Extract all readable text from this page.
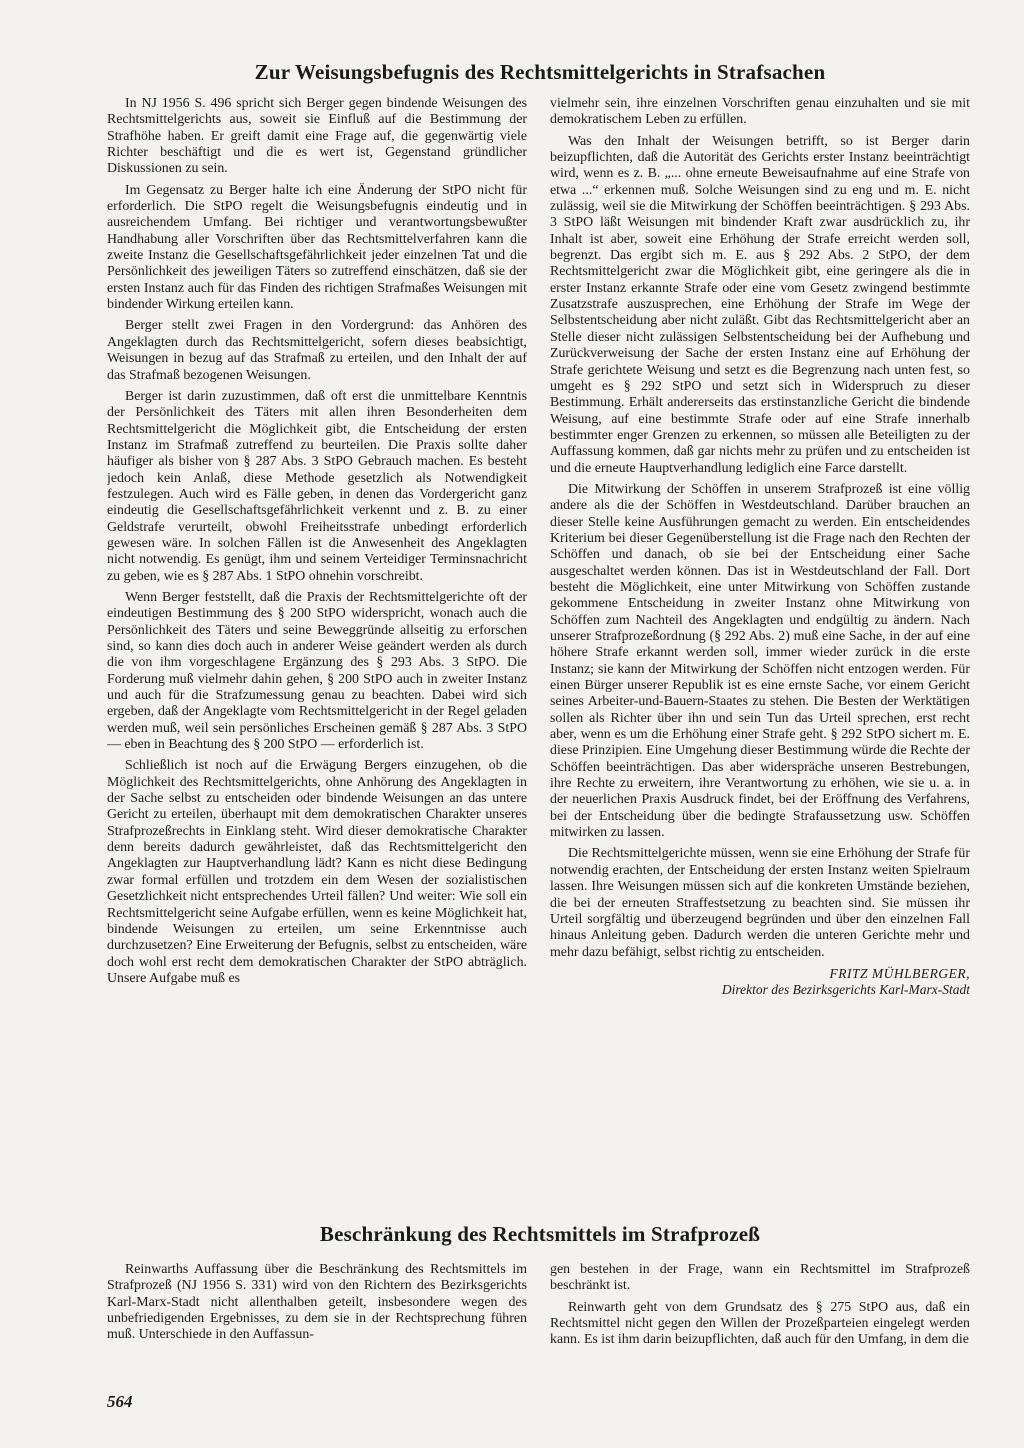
Zur Weisungsbefugnis des Rechtsmittelgerichts in Strafsachen

In NJ 1956 S. 496 spricht sich Berger gegen bindende Weisungen des Rechtsmittelgerichts aus, soweit sie Einfluß auf die Bestimmung der Strafhöhe haben. Er greift damit eine Frage auf, die gegenwärtig viele Richter beschäftigt und die es wert ist, Gegenstand gründlicher Diskussionen zu sein.

Im Gegensatz zu Berger halte ich eine Änderung der StPO nicht für erforderlich. Die StPO regelt die Weisungsbefugnis eindeutig und in ausreichendem Umfang. Bei richtiger und verantwortungsbewußter Handhabung aller Vorschriften über das Rechtsmittelverfahren kann die zweite Instanz die Gesellschaftsgefährlichkeit jeder einzelnen Tat und die Persönlichkeit des jeweiligen Täters so zutreffend einschätzen, daß sie der ersten Instanz auch für das Finden des richtigen Strafmaßes Weisungen mit bindender Wirkung erteilen kann.

Berger stellt zwei Fragen in den Vordergrund: das Anhören des Angeklagten durch das Rechtsmittelgericht, sofern dieses beabsichtigt, Weisungen in bezug auf das Strafmaß zu erteilen, und den Inhalt der auf das Strafmaß bezogenen Weisungen.

Berger ist darin zuzustimmen, daß oft erst die unmittelbare Kenntnis der Persönlichkeit des Täters mit allen ihren Besonderheiten dem Rechtsmittelgericht die Möglichkeit gibt, die Entscheidung der ersten Instanz im Strafmaß zutreffend zu beurteilen. Die Praxis sollte daher häufiger als bisher von § 287 Abs. 3 StPO Gebrauch machen. Es besteht jedoch kein Anlaß, diese Methode gesetzlich als Notwendigkeit festzulegen. Auch wird es Fälle geben, in denen das Vordergericht ganz eindeutig die Gesellschaftsgefährlichkeit verkennt und z. B. zu einer Geldstrafe verurteilt, obwohl Freiheitsstrafe unbedingt erforderlich gewesen wäre. In solchen Fällen ist die Anwesenheit des Angeklagten nicht notwendig. Es genügt, ihm und seinem Verteidiger Terminsnachricht zu geben, wie es § 287 Abs. 1 StPO ohnehin vorschreibt.

Wenn Berger feststellt, daß die Praxis der Rechtsmittelgerichte oft der eindeutigen Bestimmung des § 200 StPO widerspricht, wonach auch die Persönlichkeit des Täters und seine Beweggründe allseitig zu erforschen sind, so kann dies doch auch in anderer Weise geändert werden als durch die von ihm vorgeschlagene Ergänzung des § 293 Abs. 3 StPO. Die Forderung muß vielmehr dahin gehen, § 200 StPO auch in zweiter Instanz und auch für die Strafzumessung genau zu beachten. Dabei wird sich ergeben, daß der Angeklagte vom Rechtsmittelgericht in der Regel geladen werden muß, weil sein persönliches Erscheinen gemäß § 287 Abs. 3 StPO — eben in Beachtung des § 200 StPO — erforderlich ist.

Schließlich ist noch auf die Erwägung Bergers einzugehen, ob die Möglichkeit des Rechtsmittelgerichts, ohne Anhörung des Angeklagten in der Sache selbst zu entscheiden oder bindende Weisungen an das untere Gericht zu erteilen, überhaupt mit dem demokratischen Charakter unseres Strafprozeßrechts in Einklang steht. Wird dieser demokratische Charakter denn bereits dadurch gewährleistet, daß das Rechtsmittelgericht den Angeklagten zur Hauptverhandlung lädt? Kann es nicht diese Bedingung zwar formal erfüllen und trotzdem ein dem Wesen der sozialistischen Gesetzlichkeit nicht entsprechendes Urteil fällen? Und weiter: Wie soll ein Rechtsmittelgericht seine Aufgabe erfüllen, wenn es keine Möglichkeit hat, bindende Weisungen zu erteilen, um seine Erkenntnisse auch durchzusetzen? Eine Erweiterung der Befugnis, selbst zu entscheiden, wäre doch wohl erst recht dem demokratischen Charakter der StPO abträglich. Unsere Aufgabe muß es

vielmehr sein, ihre einzelnen Vorschriften genau einzuhalten und sie mit demokratischem Leben zu erfüllen.

Was den Inhalt der Weisungen betrifft, so ist Berger darin beizupflichten, daß die Autorität des Gerichts erster Instanz beeinträchtigt wird, wenn es z. B. „... ohne erneute Beweisaufnahme auf eine Strafe von etwa ...“ erkennen muß. Solche Weisungen sind zu eng und m. E. nicht zulässig, weil sie die Mitwirkung der Schöffen beeinträchtigen. § 293 Abs. 3 StPO läßt Weisungen mit bindender Kraft zwar ausdrücklich zu, ihr Inhalt ist aber, soweit eine Erhöhung der Strafe erreicht werden soll, begrenzt. Das ergibt sich m. E. aus § 292 Abs. 2 StPO, der dem Rechtsmittelgericht zwar die Möglichkeit gibt, eine geringere als die in erster Instanz erkannte Strafe oder eine vom Gesetz zwingend bestimmte Zusatzstrafe auszusprechen, eine Erhöhung der Strafe im Wege der Selbstentscheidung aber nicht zuläßt. Gibt das Rechtsmittelgericht aber an Stelle dieser nicht zulässigen Selbstentscheidung bei der Aufhebung und Zurückverweisung der Sache der ersten Instanz eine auf Erhöhung der Strafe gerichtete Weisung und setzt es die Begrenzung nach unten fest, so umgeht es § 292 StPO und setzt sich in Widerspruch zu dieser Bestimmung. Erhält andererseits das erstinstanzliche Gericht die bindende Weisung, auf eine bestimmte Strafe oder auf eine Strafe innerhalb bestimmter enger Grenzen zu erkennen, so müssen alle Beteiligten zu der Auffassung kommen, daß gar nichts mehr zu prüfen und zu entscheiden ist und die erneute Hauptverhandlung lediglich eine Farce darstellt.

Die Mitwirkung der Schöffen in unserem Strafprozeß ist eine völlig andere als die der Schöffen in Westdeutschland. Darüber brauchen an dieser Stelle keine Ausführungen gemacht zu werden. Ein entscheidendes Kriterium bei dieser Gegenüberstellung ist die Frage nach den Rechten der Schöffen und danach, ob sie bei der Entscheidung einer Sache ausgeschaltet werden können. Das ist in Westdeutschland der Fall. Dort besteht die Möglichkeit, eine unter Mitwirkung von Schöffen zustande gekommene Entscheidung in zweiter Instanz ohne Mitwirkung von Schöffen zum Nachteil des Angeklagten und endgültig zu ändern. Nach unserer Strafprozeßordnung (§ 292 Abs. 2) muß eine Sache, in der auf eine höhere Strafe erkannt werden soll, immer wieder zurück in die erste Instanz; sie kann der Mitwirkung der Schöffen nicht entzogen werden. Für einen Bürger unserer Republik ist es eine ernste Sache, vor einem Gericht seines Arbeiter-und-Bauern-Staates zu stehen. Die Besten der Werktätigen sollen als Richter über ihn und sein Tun das Urteil sprechen, erst recht aber, wenn es um die Erhöhung einer Strafe geht. § 292 StPO sichert m. E. diese Prinzipien. Eine Umgehung dieser Bestimmung würde die Rechte der Schöffen beeinträchtigen. Das aber widerspräche unseren Bestrebungen, ihre Rechte zu erweitern, ihre Verantwortung zu erhöhen, wie sie u. a. in der neuerlichen Praxis Ausdruck findet, bei der Eröffnung des Verfahrens, bei der Entscheidung über die bedingte Strafaussetzung usw. Schöffen mitwirken zu lassen.

Die Rechtsmittelgerichte müssen, wenn sie eine Erhöhung der Strafe für notwendig erachten, der Entscheidung der ersten Instanz weiten Spielraum lassen. Ihre Weisungen müssen sich auf die konkreten Umstände beziehen, die bei der erneuten Straffestsetzung zu beachten sind. Sie müssen ihr Urteil sorgfältig und überzeugend begründen und über den einzelnen Fall hinaus Anleitung geben. Dadurch werden die unteren Gerichte mehr und mehr dazu befähigt, selbst richtig zu entscheiden.

FRITZ MÜHLBERGER,
Direktor des Bezirksgerichts Karl-Marx-Stadt

Beschränkung des Rechtsmittels im Strafprozeß

Reinwarths Auffassung über die Beschränkung des Rechtsmittels im Strafprozeß (NJ 1956 S. 331) wird von den Richtern des Bezirksgerichts Karl-Marx-Stadt nicht allenthalben geteilt, insbesondere wegen des unbefriedigenden Ergebnisses, zu dem sie in der Rechtsprechung führen muß. Unterschiede in den Auffassun-

gen bestehen in der Frage, wann ein Rechtsmittel im Strafprozeß beschränkt ist.

Reinwarth geht von dem Grundsatz des § 275 StPO aus, daß ein Rechtsmittel nicht gegen den Willen der Prozeßparteien eingelegt werden kann. Es ist ihm darin beizupflichten, daß auch für den Umfang, in dem die

564
